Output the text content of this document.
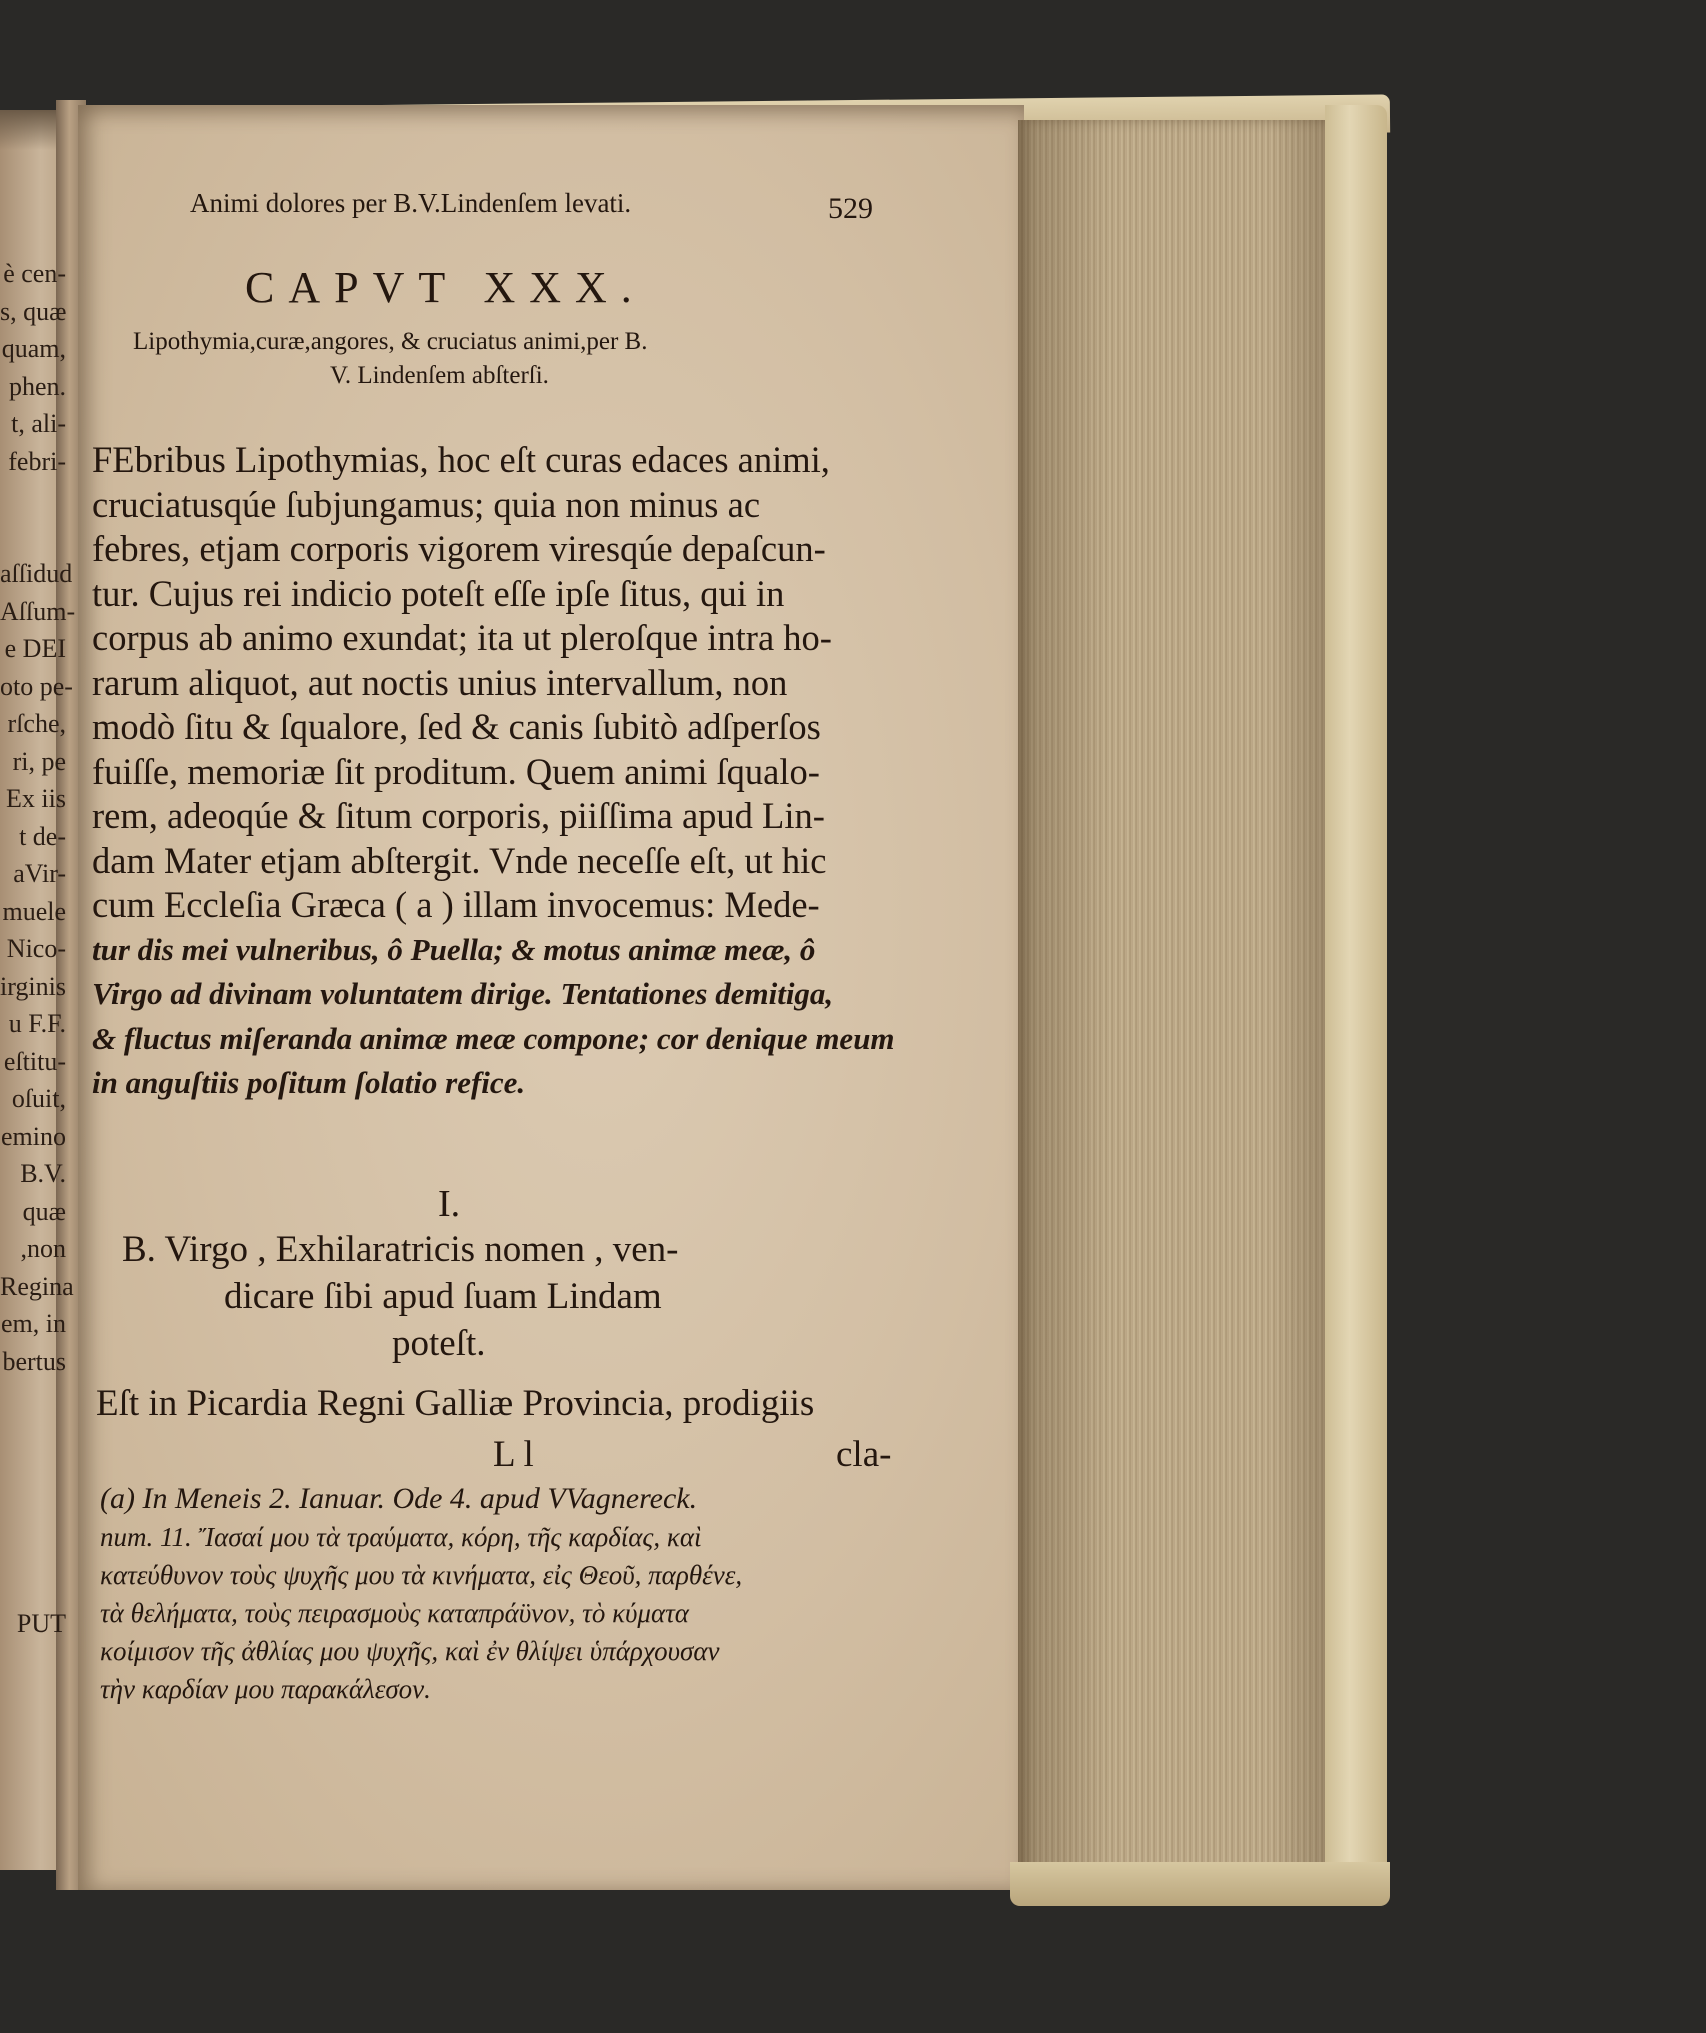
è cen-
s, quæ
quam,
phen.
t, ali-
febri-
aſſidud
Aſſum-
e DEI
oto pe-
rſche,
ri, pe
Ex iis
t de-
aVir-
muele
Nico-
irginis
u F.F.
eſtitu-
oſuit,
emino
B.V.
quæ
,non
Regina
em, in
bertus
PUT
Animi dolores per B.V.Lindenſem levati.	529
CAPVT XXX.
Lipothymia,curæ,angores, & cruciatus animi,per B.
V. Lindenſem abſterſi.
FEbribus Lipothymias, hoc eſt curas edaces animi,
cruciatusqúe ſubjungamus; quia non minus ac
febres, etjam corporis vigorem viresqúe depaſcun-
tur. Cujus rei indicio poteſt eſſe ipſe ſitus, qui in
corpus ab animo exundat; ita ut pleroſque intra ho-
rarum aliquot, aut noctis unius intervallum, non
modò ſitu & ſqualore, ſed & canis ſubitò adſperſos
fuiſſe, memoriæ ſit proditum. Quem animi ſqualo-
rem, adeoqúe & ſitum corporis, piiſſima apud Lin-
dam Mater etjam abſtergit. Vnde neceſſe eſt, ut hic
cum Eccleſia Græca ( a ) illam invocemus: Mede-
tur dis mei vulneribus, ô Puella; & motus animæ meæ, ô
Virgo ad divinam voluntatem dirige. Tentationes demitiga,
& fluctus miſeranda animæ meæ compone; cor denique meum
in anguſtiis poſitum ſolatio refice.
I.
B. Virgo , Exhilaratricis nomen , ven-
dicare ſibi apud ſuam Lindam
poteſt.
Eſt in Picardia Regni Galliæ Provincia, prodigiis
L l	cla-
(a) In Meneis 2. Ianuar. Ode 4. apud VVagnereck.
num. 11. Ἴασαί μου τὰ τραύματα, κόρη, τῆς καρδίας, καὶ
κατεύθυνον τοὺς ψυχῆς μου τὰ κινήματα, εἰς Θεοῦ, παρθένε,
τὰ θελήματα, τοὺς πειρασμοὺς καταπράϋνον, τὸ κύματα
κοίμισον τῆς ἀθλίας μου ψυχῆς, καὶ ἐν θλίψει ὑπάρχουσαν
τὴν καρδίαν μου παρακάλεσον.
